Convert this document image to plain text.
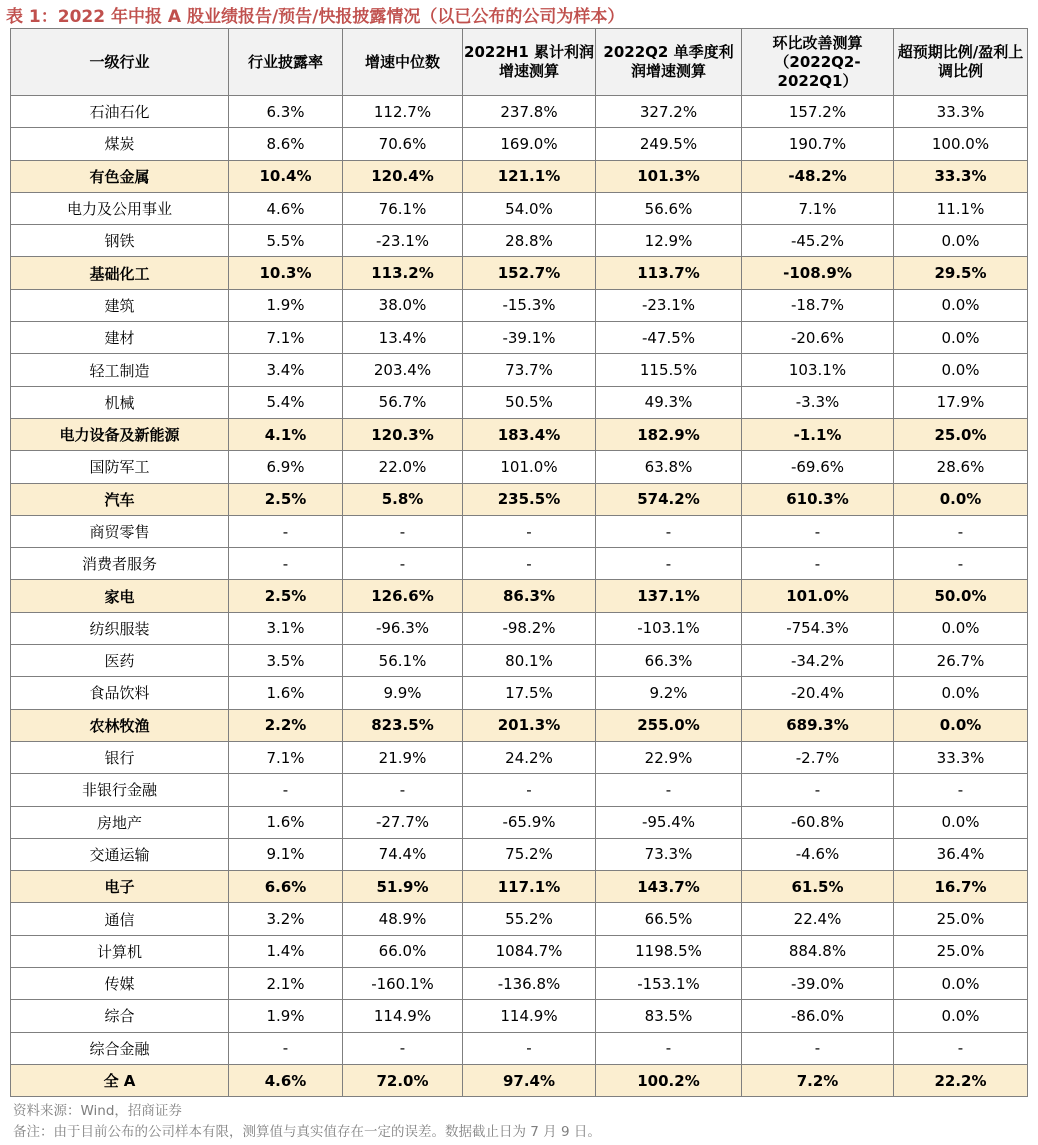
表 1：2022 年中报 A 股业绩报告/预告/快报披露情况（以已公布的公司为样本）
一级行业	行业披露率	增速中位数	2022H1 累计利润增速测算	2022Q2 单季度利润增速测算	环比改善测算（2022Q2-2022Q1）	超预期比例/盈利上调比例
石油石化	6.3%	112.7%	237.8%	327.2%	157.2%	33.3%
煤炭	8.6%	70.6%	169.0%	249.5%	190.7%	100.0%
有色金属	10.4%	120.4%	121.1%	101.3%	-48.2%	33.3%
电力及公用事业	4.6%	76.1%	54.0%	56.6%	7.1%	11.1%
钢铁	5.5%	-23.1%	28.8%	12.9%	-45.2%	0.0%
基础化工	10.3%	113.2%	152.7%	113.7%	-108.9%	29.5%
建筑	1.9%	38.0%	-15.3%	-23.1%	-18.7%	0.0%
建材	7.1%	13.4%	-39.1%	-47.5%	-20.6%	0.0%
轻工制造	3.4%	203.4%	73.7%	115.5%	103.1%	0.0%
机械	5.4%	56.7%	50.5%	49.3%	-3.3%	17.9%
电力设备及新能源	4.1%	120.3%	183.4%	182.9%	-1.1%	25.0%
国防军工	6.9%	22.0%	101.0%	63.8%	-69.6%	28.6%
汽车	2.5%	5.8%	235.5%	574.2%	610.3%	0.0%
商贸零售	-	-	-	-	-	-
消费者服务	-	-	-	-	-	-
家电	2.5%	126.6%	86.3%	137.1%	101.0%	50.0%
纺织服装	3.1%	-96.3%	-98.2%	-103.1%	-754.3%	0.0%
医药	3.5%	56.1%	80.1%	66.3%	-34.2%	26.7%
食品饮料	1.6%	9.9%	17.5%	9.2%	-20.4%	0.0%
农林牧渔	2.2%	823.5%	201.3%	255.0%	689.3%	0.0%
银行	7.1%	21.9%	24.2%	22.9%	-2.7%	33.3%
非银行金融	-	-	-	-	-	-
房地产	1.6%	-27.7%	-65.9%	-95.4%	-60.8%	0.0%
交通运输	9.1%	74.4%	75.2%	73.3%	-4.6%	36.4%
电子	6.6%	51.9%	117.1%	143.7%	61.5%	16.7%
通信	3.2%	48.9%	55.2%	66.5%	22.4%	25.0%
计算机	1.4%	66.0%	1084.7%	1198.5%	884.8%	25.0%
传媒	2.1%	-160.1%	-136.8%	-153.1%	-39.0%	0.0%
综合	1.9%	114.9%	114.9%	83.5%	-86.0%	0.0%
综合金融	-	-	-	-	-	-
全 A	4.6%	72.0%	97.4%	100.2%	7.2%	22.2%
资料来源：Wind，招商证券
备注：由于目前公布的公司样本有限，测算值与真实值存在一定的误差。数据截止日为 7 月 9 日。
